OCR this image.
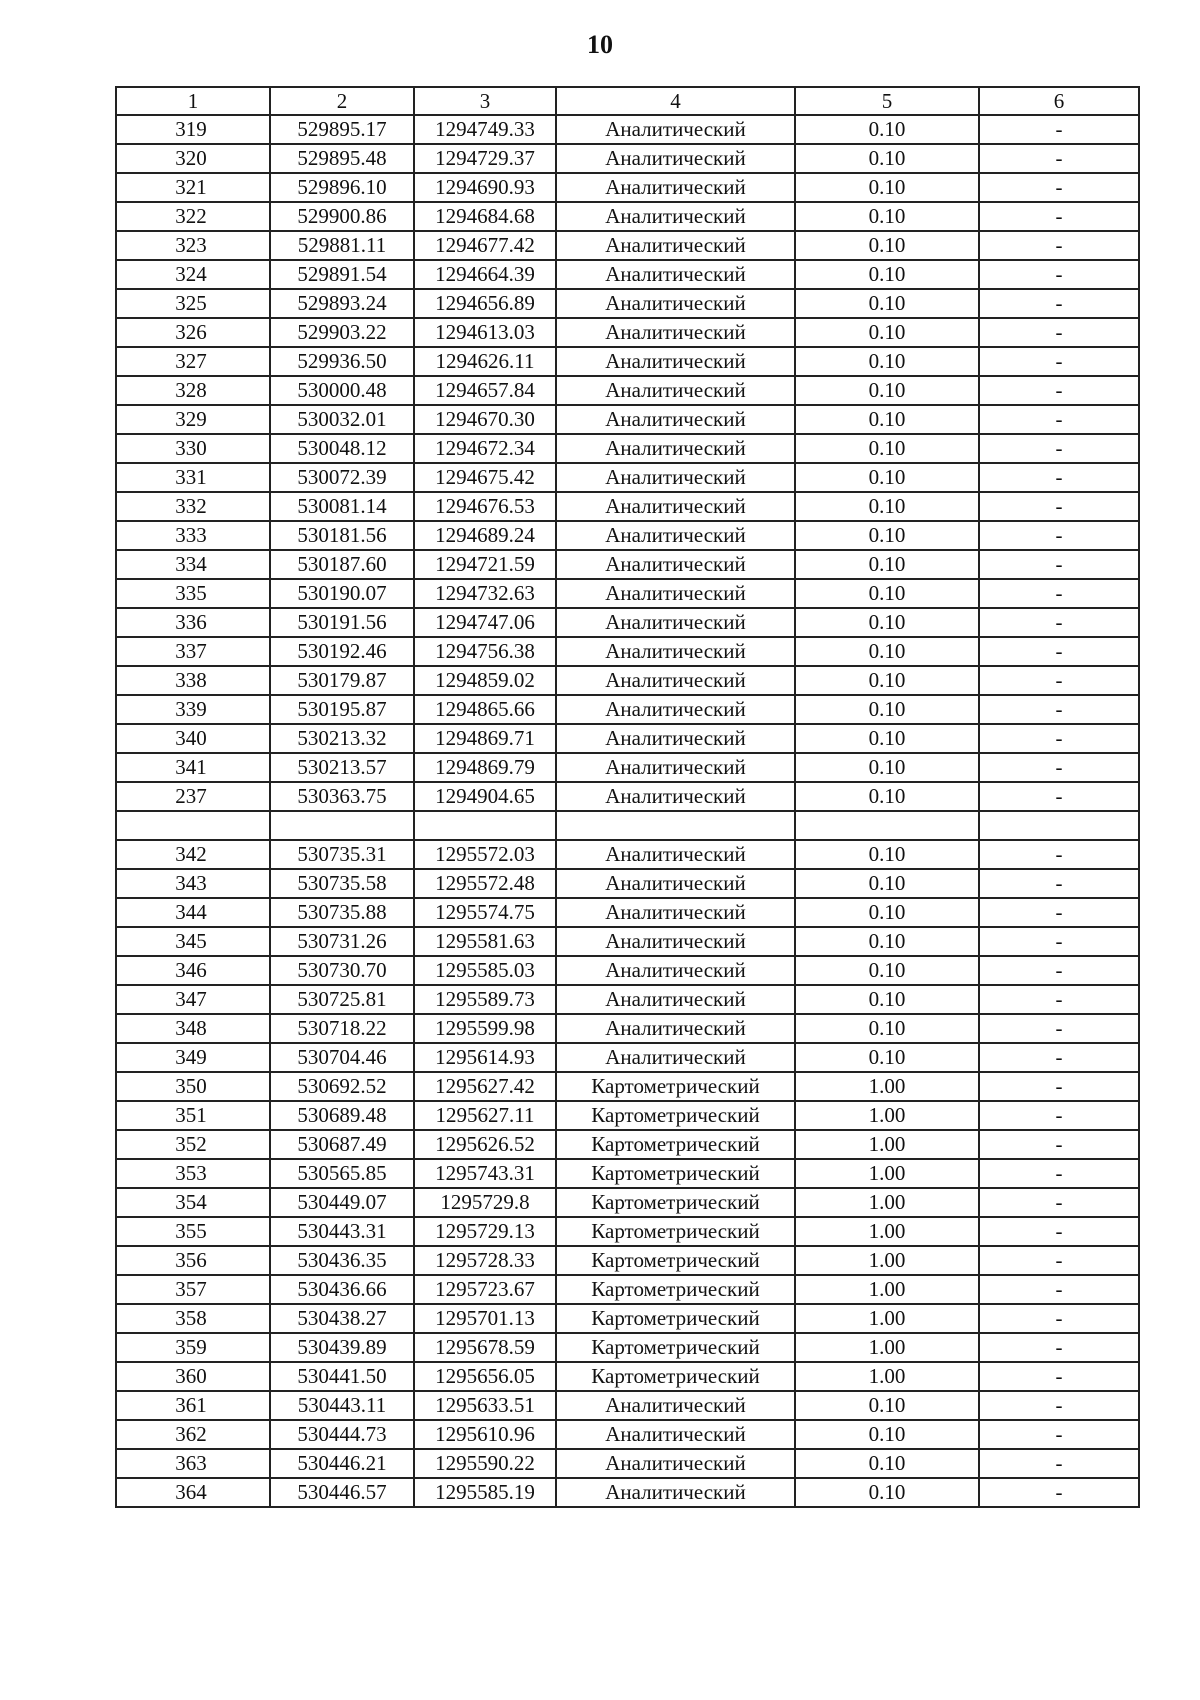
10
1	2	3	4	5	6
319	529895.17	1294749.33	Аналитический	0.10	-
320	529895.48	1294729.37	Аналитический	0.10	-
321	529896.10	1294690.93	Аналитический	0.10	-
322	529900.86	1294684.68	Аналитический	0.10	-
323	529881.11	1294677.42	Аналитический	0.10	-
324	529891.54	1294664.39	Аналитический	0.10	-
325	529893.24	1294656.89	Аналитический	0.10	-
326	529903.22	1294613.03	Аналитический	0.10	-
327	529936.50	1294626.11	Аналитический	0.10	-
328	530000.48	1294657.84	Аналитический	0.10	-
329	530032.01	1294670.30	Аналитический	0.10	-
330	530048.12	1294672.34	Аналитический	0.10	-
331	530072.39	1294675.42	Аналитический	0.10	-
332	530081.14	1294676.53	Аналитический	0.10	-
333	530181.56	1294689.24	Аналитический	0.10	-
334	530187.60	1294721.59	Аналитический	0.10	-
335	530190.07	1294732.63	Аналитический	0.10	-
336	530191.56	1294747.06	Аналитический	0.10	-
337	530192.46	1294756.38	Аналитический	0.10	-
338	530179.87	1294859.02	Аналитический	0.10	-
339	530195.87	1294865.66	Аналитический	0.10	-
340	530213.32	1294869.71	Аналитический	0.10	-
341	530213.57	1294869.79	Аналитический	0.10	-
237	530363.75	1294904.65	Аналитический	0.10	-

342	530735.31	1295572.03	Аналитический	0.10	-
343	530735.58	1295572.48	Аналитический	0.10	-
344	530735.88	1295574.75	Аналитический	0.10	-
345	530731.26	1295581.63	Аналитический	0.10	-
346	530730.70	1295585.03	Аналитический	0.10	-
347	530725.81	1295589.73	Аналитический	0.10	-
348	530718.22	1295599.98	Аналитический	0.10	-
349	530704.46	1295614.93	Аналитический	0.10	-
350	530692.52	1295627.42	Картометрический	1.00	-
351	530689.48	1295627.11	Картометрический	1.00	-
352	530687.49	1295626.52	Картометрический	1.00	-
353	530565.85	1295743.31	Картометрический	1.00	-
354	530449.07	1295729.8	Картометрический	1.00	-
355	530443.31	1295729.13	Картометрический	1.00	-
356	530436.35	1295728.33	Картометрический	1.00	-
357	530436.66	1295723.67	Картометрический	1.00	-
358	530438.27	1295701.13	Картометрический	1.00	-
359	530439.89	1295678.59	Картометрический	1.00	-
360	530441.50	1295656.05	Картометрический	1.00	-
361	530443.11	1295633.51	Аналитический	0.10	-
362	530444.73	1295610.96	Аналитический	0.10	-
363	530446.21	1295590.22	Аналитический	0.10	-
364	530446.57	1295585.19	Аналитический	0.10	-
